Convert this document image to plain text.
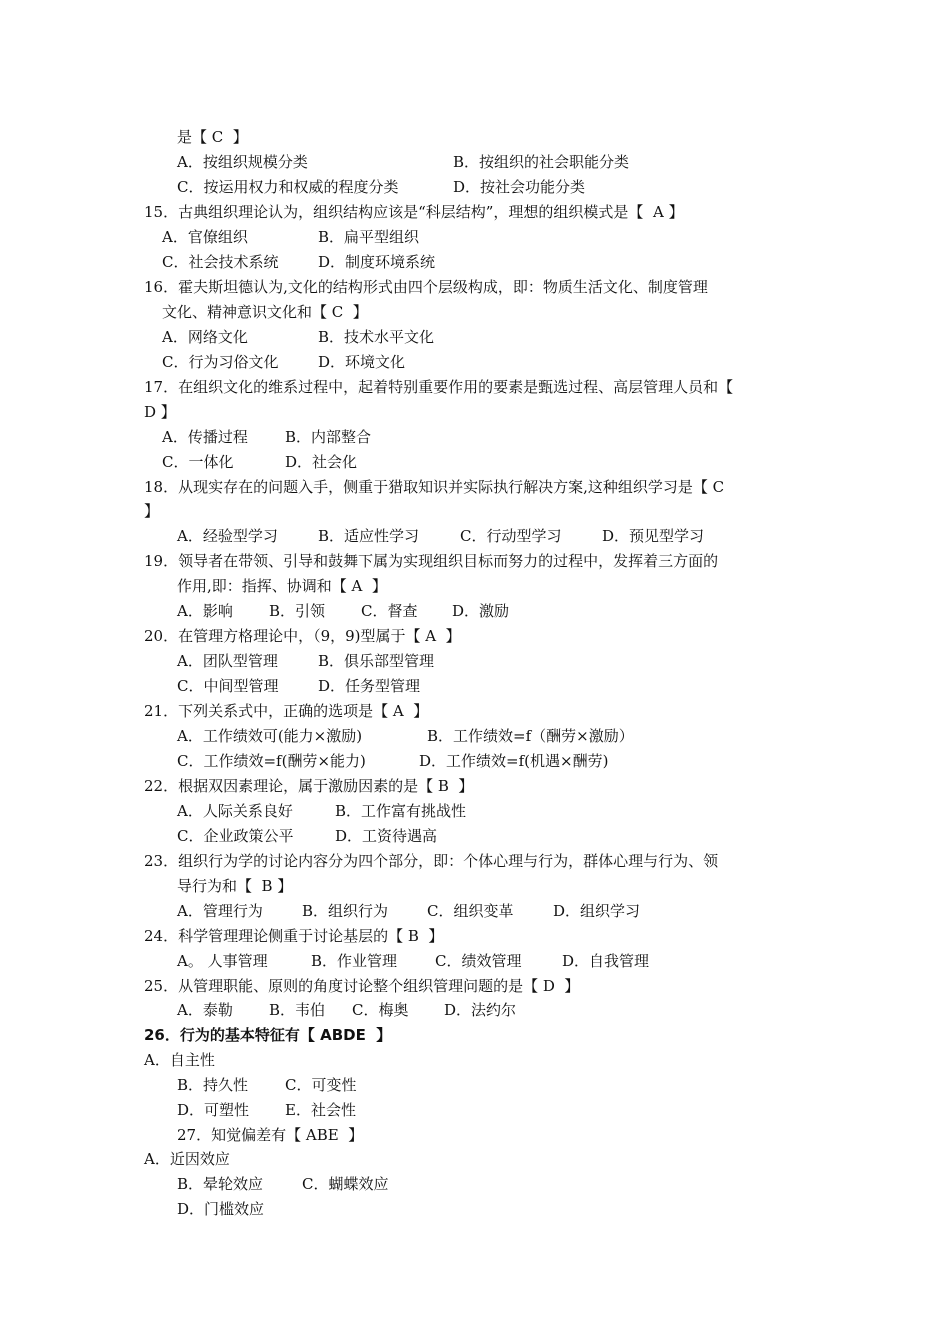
是【 C  】
A．按组织规模分类	B．按组织的社会职能分类
C．按运用权力和权威的程度分类	D．按社会功能分类
15．古典组织理论认为，组织结构应该是“科层结构”，理想的组织模式是【  A 】
A．官僚组织	B．扁平型组织
C．社会技术系统	D．制度环境系统
16．霍夫斯坦德认为,文化的结构形式由四个层级构成，即：物质生活文化、制度管理
文化、精神意识文化和【 C  】
A．网络文化	B．技术水平文化
C．行为习俗文化	D．环境文化
17．在组织文化的维系过程中，起着特别重要作用的要素是甄选过程、高层管理人员和【
D 】
A．传播过程 B．内部整合
C．一体化	D．社会化
18．从现实存在的问题入手，侧重于猎取知识并实际执行解决方案,这种组织学习是【 C
】
A．经验型学习	B．适应性学习	C．行动型学习	D．预见型学习
19．领导者在带领、引导和鼓舞下属为实现组织目标而努力的过程中，发挥着三方面的
作用,即：指挥、协调和【 A  】
A．影响 B．引领 C．督查 D．激励
20．在管理方格理论中，（9，9)型属于【 A  】
A．团队型管理	B．俱乐部型管理
C．中间型管理	D．任务型管理
21．下列关系式中，正确的选项是【 A  】
A．工作绩效可(能力×激励)	B．工作绩效=f（酬劳×激励）
C．工作绩效=f(酬劳×能力)	D．工作绩效=f(机遇×酬劳)
22．根据双因素理论，属于激励因素的是【 B  】
A．人际关系良好	B．工作富有挑战性
C．企业政策公平	D．工资待遇高
23．组织行为学的讨论内容分为四个部分，即：个体心理与行为，群体心理与行为、领
导行为和【  B 】
A．管理行为	B．组织行为	C．组织变革	D．组织学习
24．科学管理理论侧重于讨论基层的【 B  】
A。 人事管理	B．作业管理	C．绩效管理	D．自我管理
25．从管理职能、原则的角度讨论整个组织管理问题的是【 D  】
26．行为的基本特征有【 ABDE  】
A．自主性
B．持久性 C．可变性
D．可塑性 E．社会性
27．知觉偏差有【 ABE  】
A．近因效应
B．晕轮效应	C．蝴蝶效应
D．门槛效应
A．泰勒 B．韦伯 C．梅奥 D．法约尔
